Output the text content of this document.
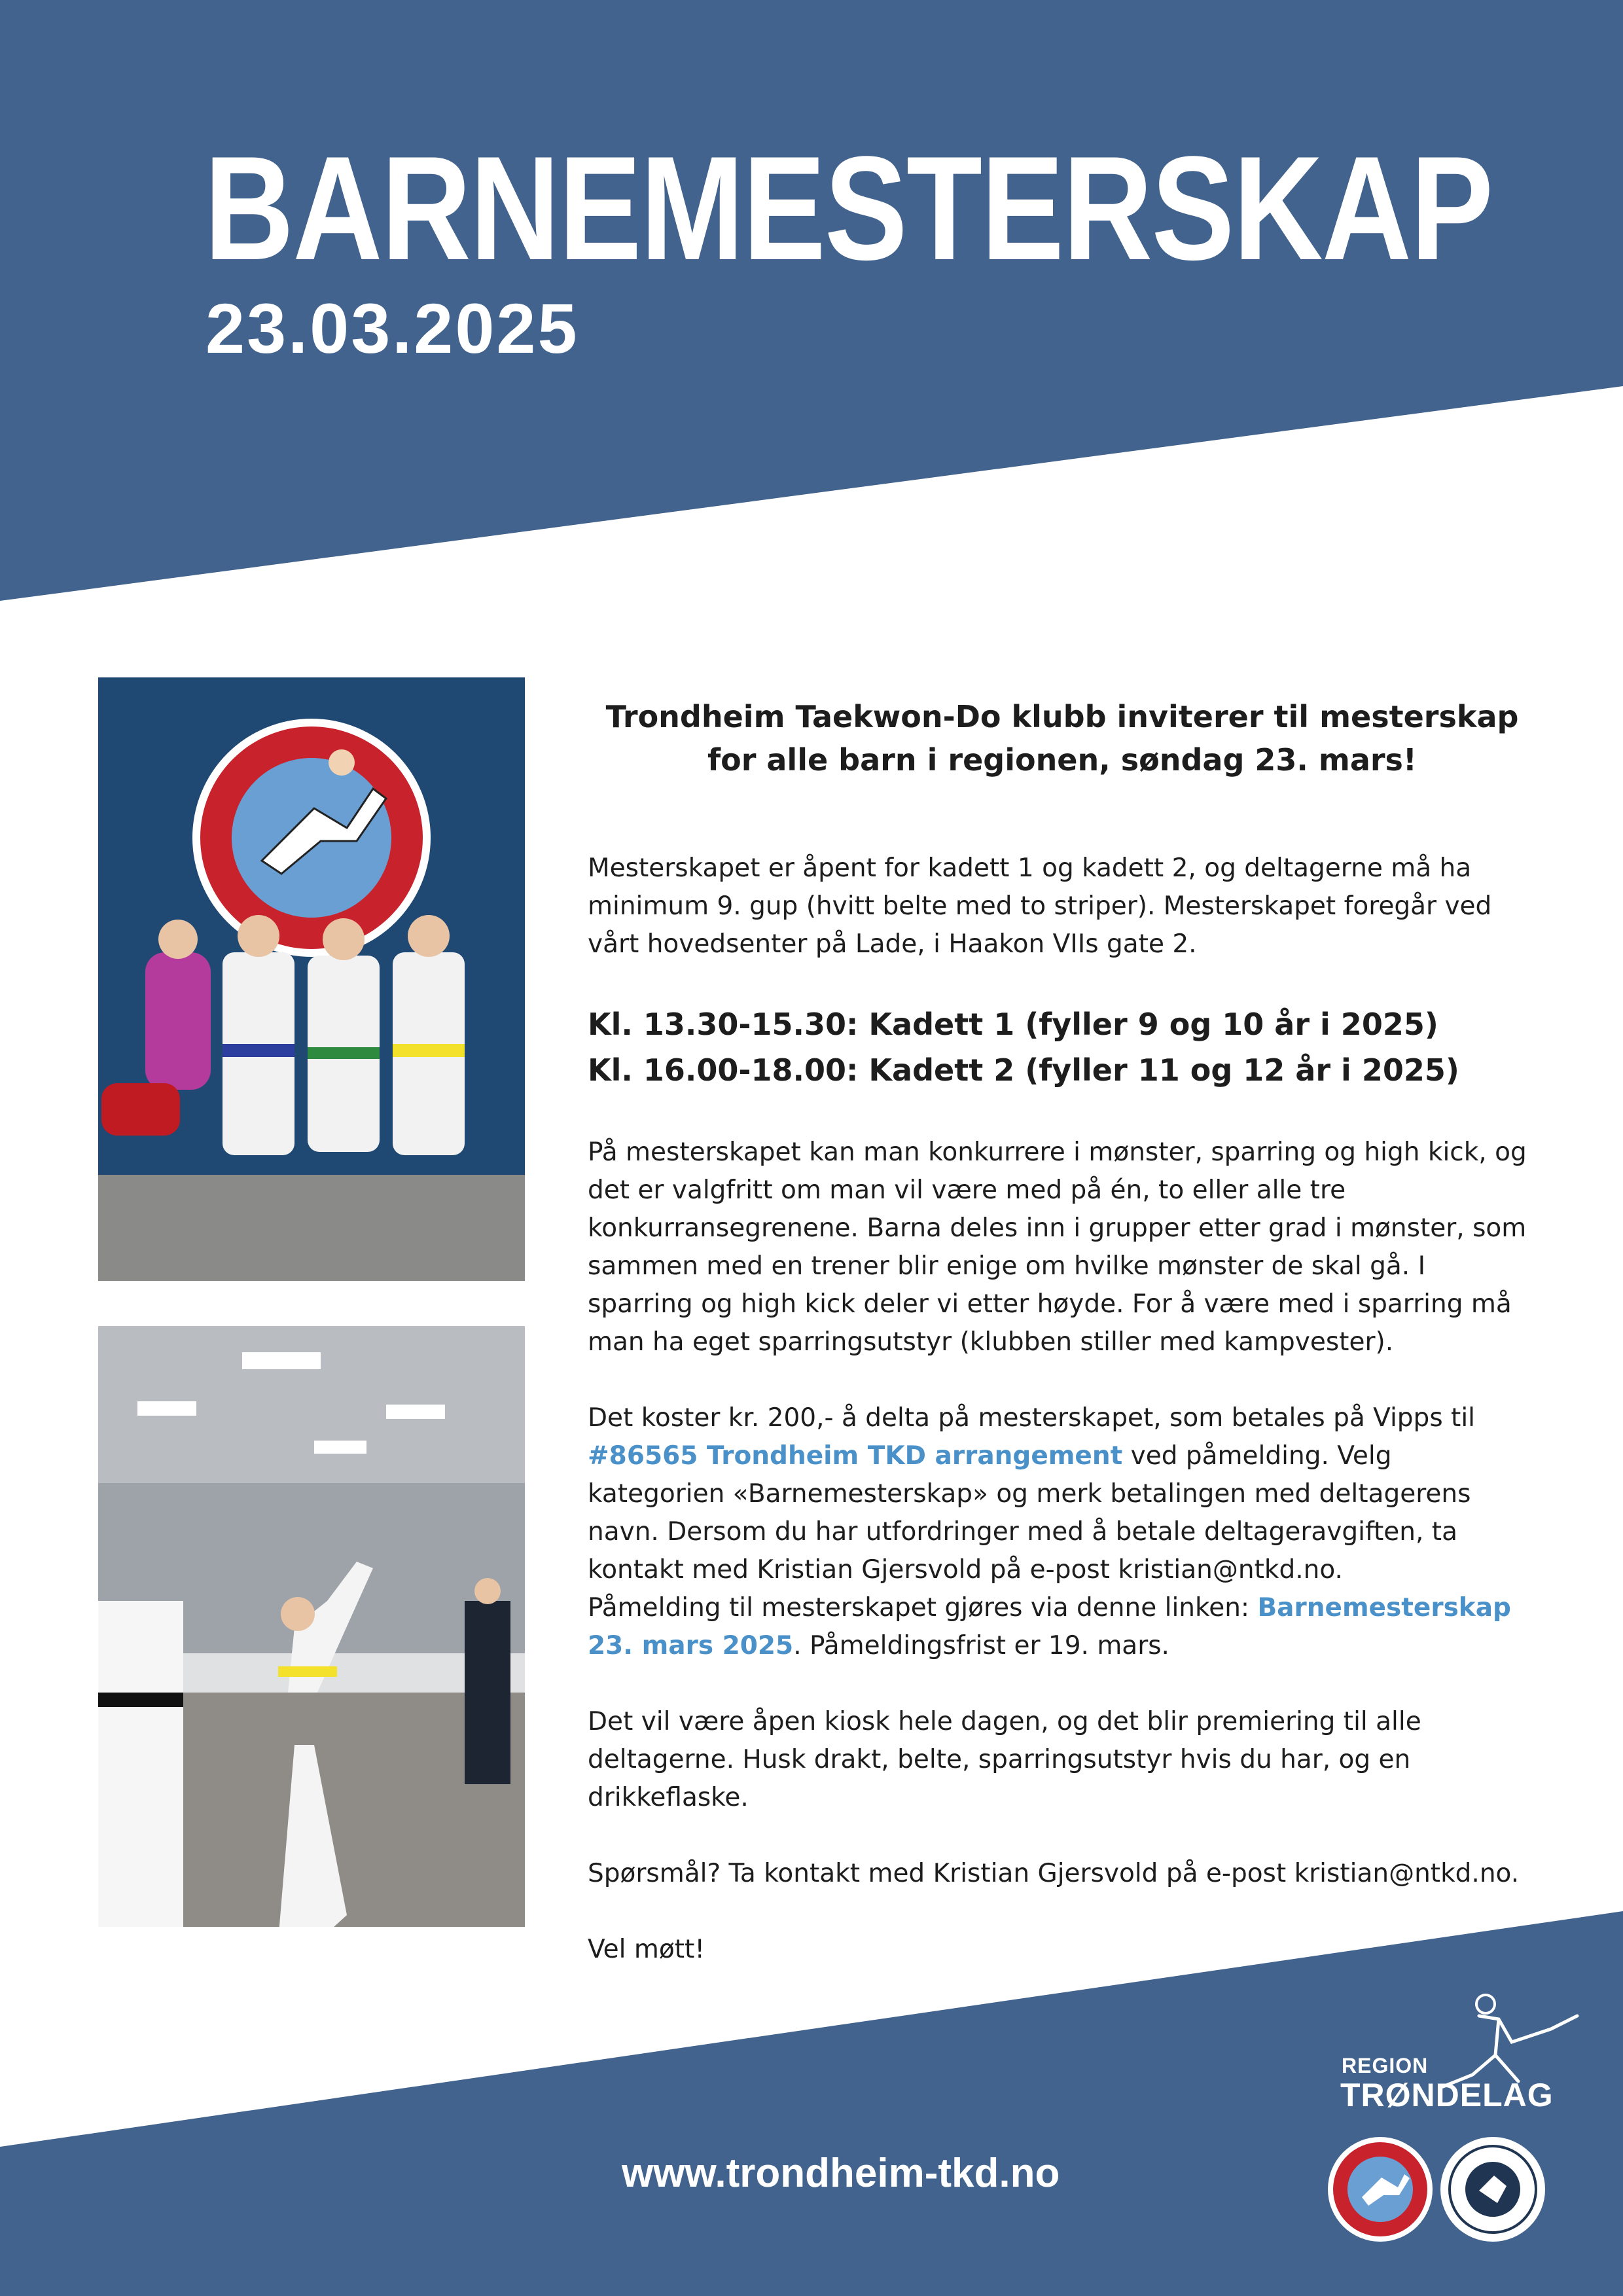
BARNEMESTERSKAP
23.03.2025

Trondheim Taekwon-Do klubb inviterer til mesterskap
for alle barn i regionen, søndag 23. mars!

Mesterskapet er åpent for kadett 1 og kadett 2, og deltagerne må ha minimum 9. gup (hvitt belte med to striper). Mesterskapet foregår ved vårt hovedsenter på Lade, i Haakon VIIs gate 2.

Kl. 13.30-15.30: Kadett 1 (fyller 9 og 10 år i 2025)
Kl. 16.00-18.00: Kadett 2 (fyller 11 og 12 år i 2025)

På mesterskapet kan man konkurrere i mønster, sparring og high kick, og det er valgfritt om man vil være med på én, to eller alle tre konkurransegrenene. Barna deles inn i grupper etter grad i mønster, som sammen med en trener blir enige om hvilke mønster de skal gå. I sparring og high kick deler vi etter høyde. For å være med i sparring må man ha eget sparringsutstyr (klubben stiller med kampvester).

Det koster kr. 200,- å delta på mesterskapet, som betales på Vipps til #86565 Trondheim TKD arrangement ved påmelding. Velg kategorien «Barnemesterskap» og merk betalingen med deltagerens navn. Dersom du har utfordringer med å betale deltageravgiften, ta kontakt med Kristian Gjersvold på e-post kristian@ntkd.no.

Påmelding til mesterskapet gjøres via denne linken: Barnemesterskap 23. mars 2025. Påmeldingsfrist er 19. mars.

Det vil være åpen kiosk hele dagen, og det blir premiering til alle deltagerne. Husk drakt, belte, sparringsutstyr hvis du har, og en drikkeflaske.

Spørsmål? Ta kontakt med Kristian Gjersvold på e-post kristian@ntkd.no.

Vel møtt!

www.trondheim-tkd.no
REGION
TRØNDELAG
